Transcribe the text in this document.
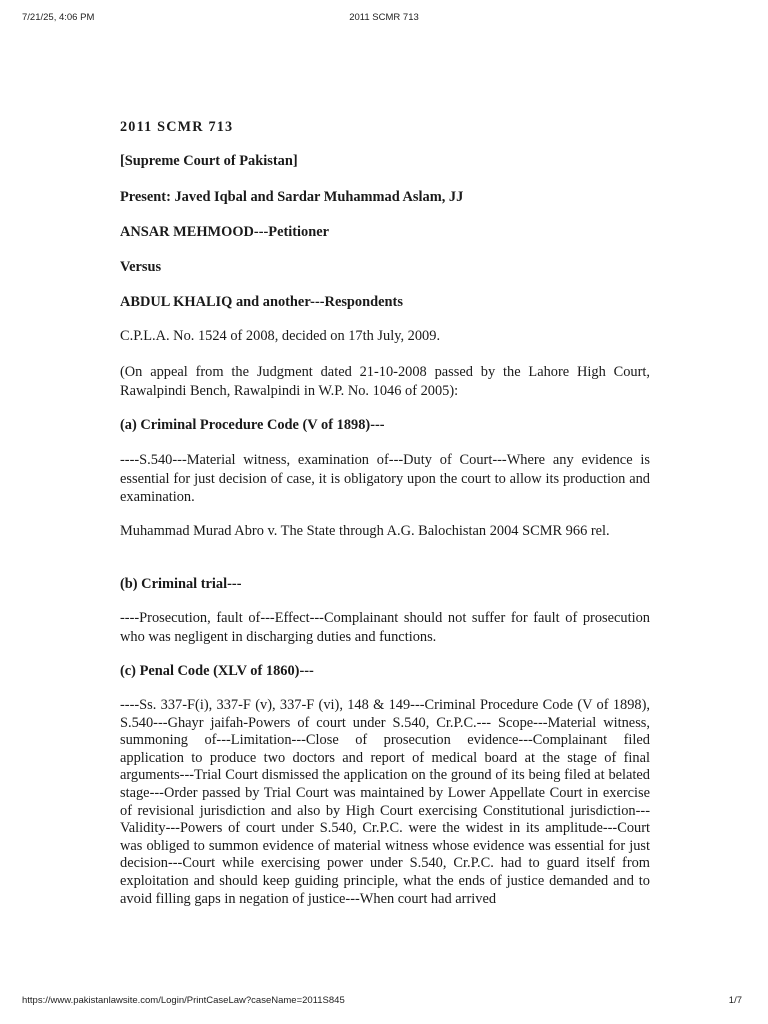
7/21/25, 4:06 PM	2011 SCMR 713

2011 SCMR 713

[Supreme Court of Pakistan]

Present: Javed Iqbal and Sardar Muhammad Aslam, JJ

ANSAR MEHMOOD---Petitioner

Versus

ABDUL KHALIQ and another---Respondents

C.P.L.A. No. 1524 of 2008, decided on 17th July, 2009.

(On appeal from the Judgment dated 21-10-2008 passed by the Lahore High Court, Rawalpindi Bench, Rawalpindi in W.P. No. 1046 of 2005):

(a) Criminal Procedure Code (V of 1898)---

----S.540---Material witness, examination of---Duty of Court---Where any evidence is essential for just decision of case, it is obligatory upon the court to allow its production and examination.

Muhammad Murad Abro v. The State through A.G. Balochistan 2004 SCMR 966 rel.

(b) Criminal trial---

----Prosecution, fault of---Effect---Complainant should not suffer for fault of prosecution who was negligent in discharging duties and functions.

(c) Penal Code (XLV of 1860)---

----Ss. 337-F(i), 337-F (v), 337-F (vi), 148 & 149---Criminal Procedure Code (V of 1898), S.540---Ghayr jaifah-Powers of court under S.540, Cr.P.C.--- Scope---Material witness, summoning of---Limitation---Close of prosecution evidence---Complainant filed application to produce two doctors and report of medical board at the stage of final arguments---Trial Court dismissed the application on the ground of its being filed at belated stage---Order passed by Trial Court was maintained by Lower Appellate Court in exercise of revisional jurisdiction and also by High Court exercising Constitutional jurisdiction---Validity---Powers of court under S.540, Cr.P.C. were the widest in its amplitude---Court was obliged to summon evidence of material witness whose evidence was essential for just decision---Court while exercising power under S.540, Cr.P.C. had to guard itself from exploitation and should keep guiding principle, what the ends of justice demanded and to avoid filling gaps in negation of justice---When court had arrived

https://www.pakistanlawsite.com/Login/PrintCaseLaw?caseName=2011S845	1/7
